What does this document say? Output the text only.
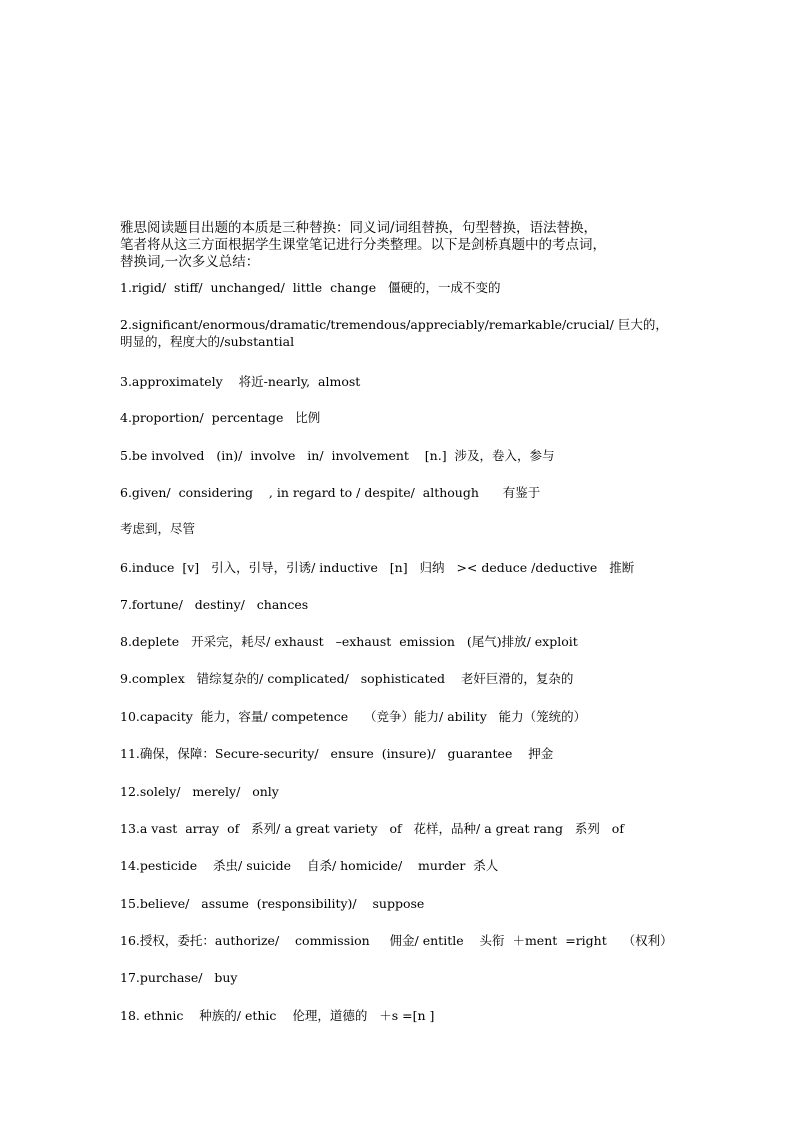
雅思阅读题目出题的本质是三种替换：同义词/词组替换，句型替换，语法替换，
笔者将从这三方面根据学生课堂笔记进行分类整理。以下是剑桥真题中的考点词，
替换词,一次多义总结：
1.rigid/  stiff/  unchanged/  little  change   僵硬的，一成不变的
2.significant/enormous/dramatic/tremendous/appreciably/remarkable/crucial/ 巨大的，明显的，程度大的/substantial
3.approximately    将近-nearly,  almost
4.proportion/  percentage   比例
5.be involved   (in)/  involve   in/  involvement    [n.]  涉及，卷入，参与
6.given/  considering    , in regard to / despite/  although      有鉴于
考虑到，尽管
6.induce  [v]   引入，引导，引诱/ inductive   [n]   归纳   >< deduce /deductive   推断
7.fortune/   destiny/   chances
8.deplete   开采完，耗尽/ exhaust   –exhaust  emission   (尾气)排放/ exploit
9.complex   错综复杂的/ complicated/   sophisticated    老奸巨滑的，复杂的
10.capacity  能力，容量/ competence    （竞争）能力/ ability   能力（笼统的）
11.确保，保障：Secure-security/   ensure  (insure)/   guarantee    押金
12.solely/   merely/   only
13.a vast  array  of   系列/ a great variety   of   花样，品种/ a great rang   系列   of
14.pesticide    杀虫/ suicide    自杀/ homicide/    murder  杀人
15.believe/   assume  (responsibility)/    suppose
16.授权，委托：authorize/    commission     佣金/ entitle    头衔  ＋ment  =right    （权利）
17.purchase/   buy
18. ethnic    种族的/ ethic    伦理，道德的   ＋s =[n ]
